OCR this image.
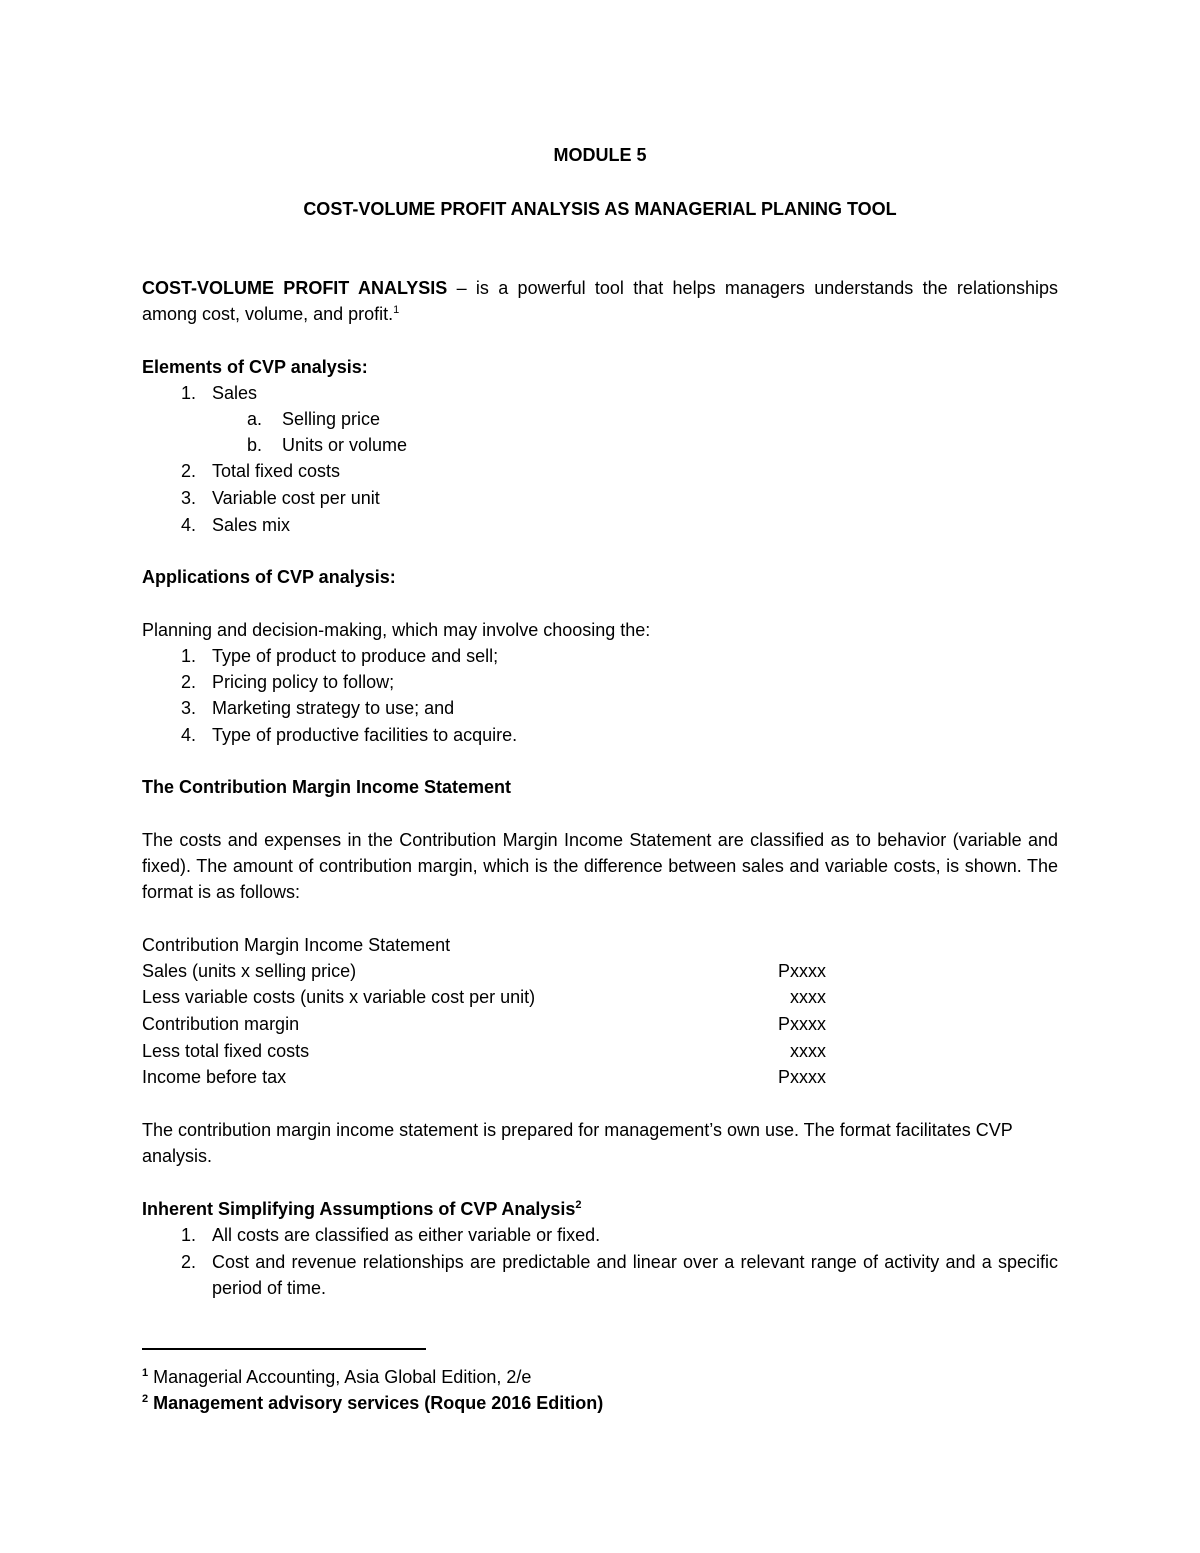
MODULE 5
COST-VOLUME PROFIT ANALYSIS AS MANAGERIAL PLANING TOOL
COST-VOLUME PROFIT ANALYSIS – is a powerful tool that helps managers understands the relationships among cost, volume, and profit.$^1$
Elements of CVP analysis:
1. Sales
a. Selling price
b. Units or volume
2. Total fixed costs
3. Variable cost per unit
4. Sales mix
Applications of CVP analysis:
Planning and decision-making, which may involve choosing the:
1. Type of product to produce and sell;
2. Pricing policy to follow;
3. Marketing strategy to use; and
4. Type of productive facilities to acquire.
The Contribution Margin Income Statement
The costs and expenses in the Contribution Margin Income Statement are classified as to behavior (variable and fixed). The amount of contribution margin, which is the difference between sales and variable costs, is shown. The format is as follows:
Contribution Margin Income Statement
Sales (units x selling price)	Pxxxx
Less variable costs (units x variable cost per unit)	xxxx
Contribution margin	Pxxxx
Less total fixed costs	xxxx
Income before tax	Pxxxx
The contribution margin income statement is prepared for management’s own use. The format facilitates CVP analysis.
Inherent Simplifying Assumptions of CVP Analysis$^2$
1. All costs are classified as either variable or fixed.
2. Cost and revenue relationships are predictable and linear over a relevant range of activity and a specific period of time.
$^1$ Managerial Accounting, Asia Global Edition, 2/e
$^2$ Management advisory services (Roque 2016 Edition)
